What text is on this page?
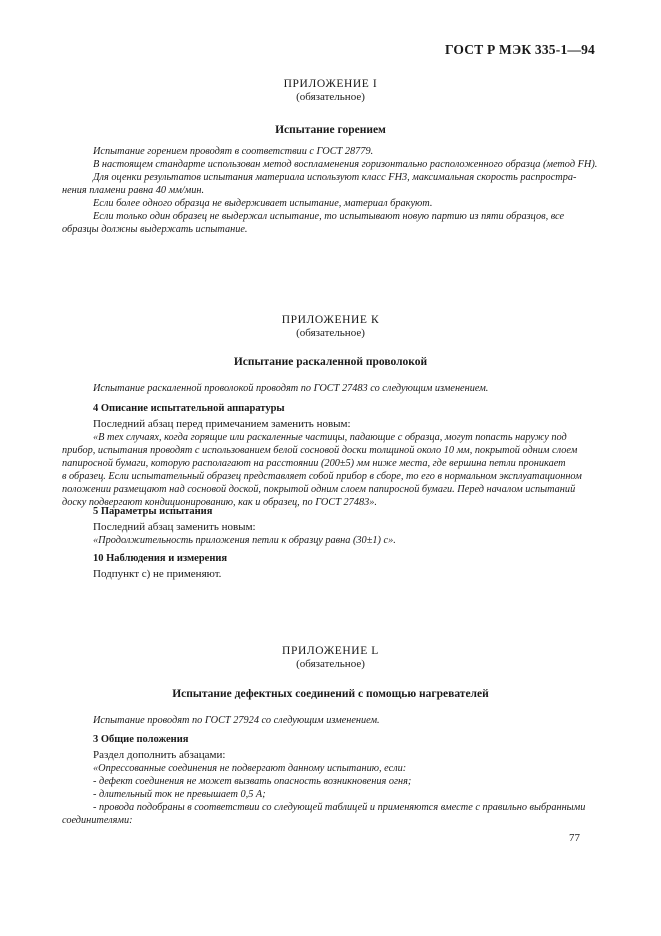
ГОСТ Р МЭК 335-1—94
ПРИЛОЖЕНИЕ I
(обязательное)
Испытание горением
Испытание горением проводят в соответствии с ГОСТ 28779.
В настоящем стандарте использован метод воспламенения горизонтально расположенного образца (метод FH).
Для оценки результатов испытания материала используют класс FH3, максимальная скорость распростра-
нения пламени равна 40 мм/мин.
Если более одного образца не выдерживает испытание, материал бракуют.
Если только один образец не выдержал испытание, то испытывают новую партию из пяти образцов, все
образцы должны выдержать испытание.
ПРИЛОЖЕНИЕ К
(обязательное)
Испытание раскаленной проволокой
Испытание раскаленной проволокой проводят по ГОСТ 27483 со следующим изменением.
4 Описание испытательной аппаратуры
Последний абзац перед примечанием заменить новым:
«В тех случаях, когда горящие или раскаленные частицы, падающие с образца, могут попасть наружу под
прибор, испытания проводят с использованием белой сосновой доски толщиной около 10 мм, покрытой одним слоем
папиросной бумаги, которую располагают на расстоянии (200±5) мм ниже места, где вершина петли проникает
в образец. Если испытательный образец представляет собой прибор в сборе, то его в нормальном эксплуатационном
положении размещают над сосновой доской, покрытой одним слоем папиросной бумаги. Перед началом испытаний
доску подвергают кондиционированию, как и образец, по ГОСТ 27483».
5 Параметры испытания
Последний абзац заменить новым:
«Продолжительность приложения петли к образцу равна (30±1) с».
10 Наблюдения и измерения
Подпункт с) не применяют.
ПРИЛОЖЕНИЕ L
(обязательное)
Испытание дефектных соединений с помощью нагревателей
Испытание проводят по ГОСТ 27924 со следующим изменением.
3 Общие положения
Раздел дополнить абзацами:
«Опрессованные соединения не подвергают данному испытанию, если:
- дефект соединения не может вызвать опасность возникновения огня;
- длительный ток не превышает 0,5 А;
- провода подобраны в соответствии со следующей таблицей и применяются вместе с правильно выбранными
соединителями:
77
